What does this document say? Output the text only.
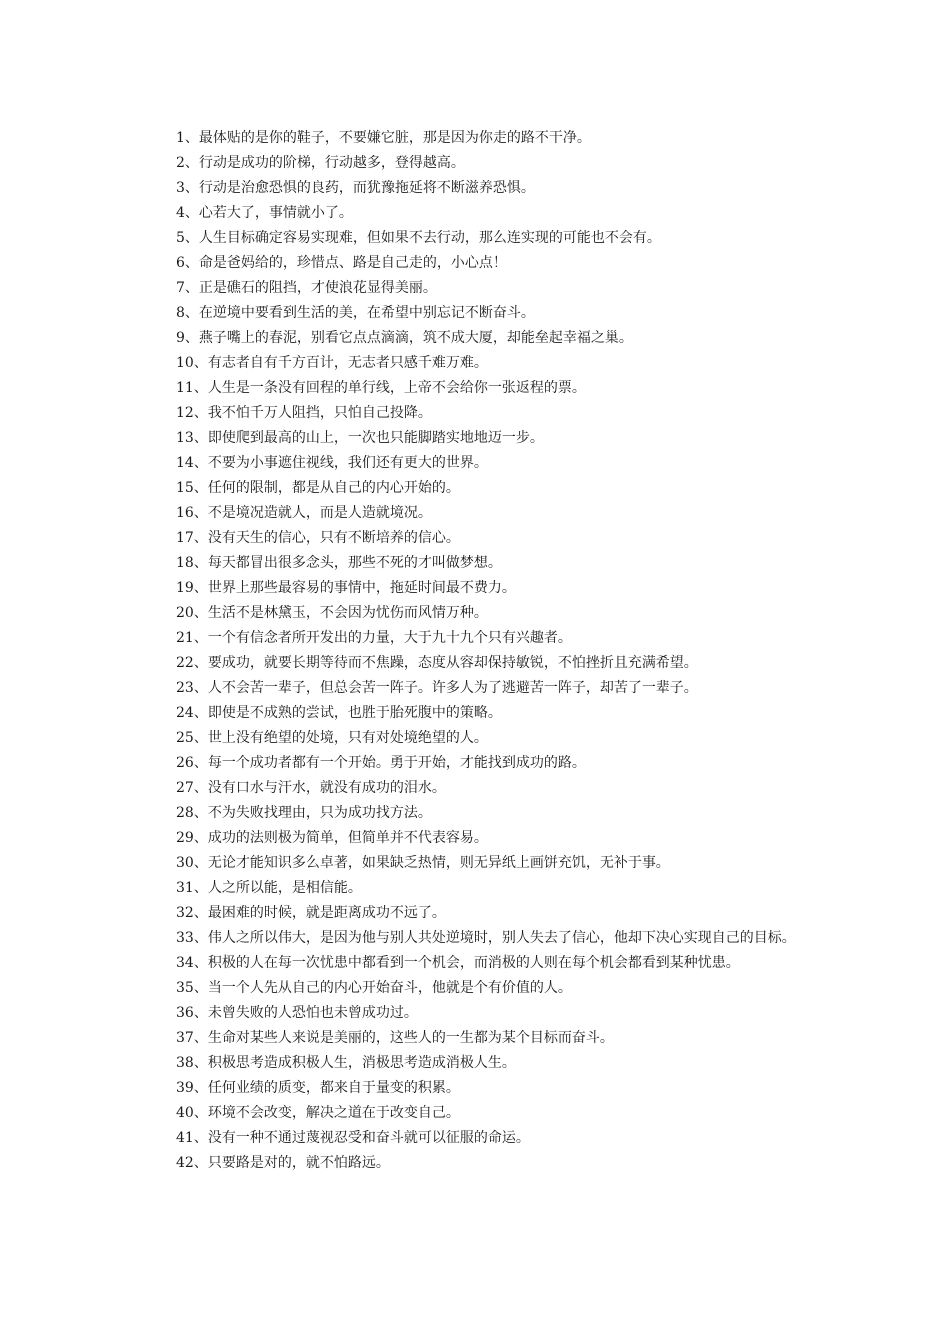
1、最体贴的是你的鞋子，不要嫌它脏，那是因为你走的路不干净。
2、行动是成功的阶梯，行动越多，登得越高。
3、行动是治愈恐惧的良药，而犹豫拖延将不断滋养恐惧。
4、心若大了，事情就小了。
5、人生目标确定容易实现难，但如果不去行动，那么连实现的可能也不会有。
6、命是爸妈给的，珍惜点、路是自己走的，小心点！
7、正是礁石的阻挡，才使浪花显得美丽。
8、在逆境中要看到生活的美，在希望中别忘记不断奋斗。
9、燕子嘴上的春泥，别看它点点滴滴，筑不成大厦，却能垒起幸福之巢。
10、有志者自有千方百计，无志者只感千难万难。
11、人生是一条没有回程的单行线，上帝不会给你一张返程的票。
12、我不怕千万人阻挡，只怕自己投降。
13、即使爬到最高的山上，一次也只能脚踏实地地迈一步。
14、不要为小事遮住视线，我们还有更大的世界。
15、任何的限制，都是从自己的内心开始的。
16、不是境况造就人，而是人造就境况。
17、没有天生的信心，只有不断培养的信心。
18、每天都冒出很多念头，那些不死的才叫做梦想。
19、世界上那些最容易的事情中，拖延时间最不费力。
20、生活不是林黛玉，不会因为忧伤而风情万种。
21、一个有信念者所开发出的力量，大于九十九个只有兴趣者。
22、要成功，就要长期等待而不焦躁，态度从容却保持敏锐，不怕挫折且充满希望。
23、人不会苦一辈子，但总会苦一阵子。许多人为了逃避苦一阵子，却苦了一辈子。
24、即使是不成熟的尝试，也胜于胎死腹中的策略。
25、世上没有绝望的处境，只有对处境绝望的人。
26、每一个成功者都有一个开始。勇于开始，才能找到成功的路。
27、没有口水与汗水，就没有成功的泪水。
28、不为失败找理由，只为成功找方法。
29、成功的法则极为简单，但简单并不代表容易。
30、无论才能知识多么卓著，如果缺乏热情，则无异纸上画饼充饥，无补于事。
31、人之所以能，是相信能。
32、最困难的时候，就是距离成功不远了。
33、伟人之所以伟大，是因为他与别人共处逆境时，别人失去了信心，他却下决心实现自己的目标。
34、积极的人在每一次忧患中都看到一个机会，而消极的人则在每个机会都看到某种忧患。
35、当一个人先从自己的内心开始奋斗，他就是个有价值的人。
36、未曾失败的人恐怕也未曾成功过。
37、生命对某些人来说是美丽的，这些人的一生都为某个目标而奋斗。
38、积极思考造成积极人生，消极思考造成消极人生。
39、任何业绩的质变，都来自于量变的积累。
40、环境不会改变，解决之道在于改变自己。
41、没有一种不通过蔑视忍受和奋斗就可以征服的命运。
42、只要路是对的，就不怕路远。
